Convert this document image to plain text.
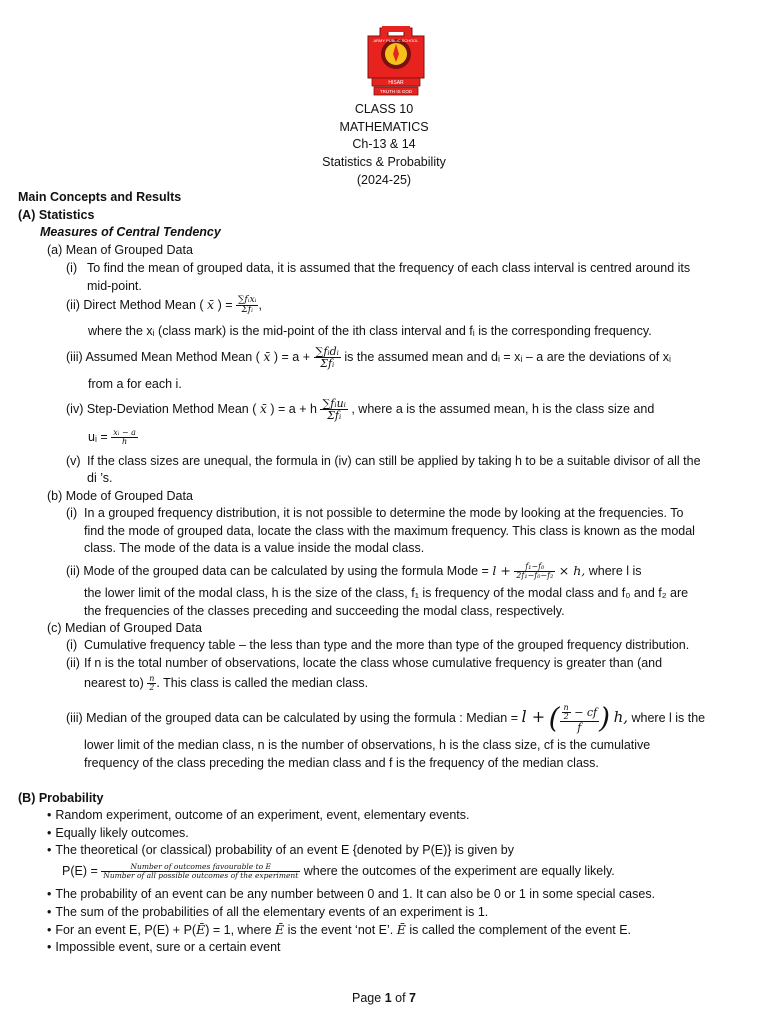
ARMY PUBLIC SCHOOL
HISAR
TRUTH IS GOD
CLASS 10
MATHEMATICS
Ch-13 & 14
Statistics & Probability
(2024-25)
Main Concepts and Results
(A) Statistics
Measures of Central Tendency
(a) Mean of Grouped Data
(i) To find the mean of grouped data, it is assumed that the frequency of each class interval is centred around its
mid-point.
(ii) Direct Method Mean ( x̄ ) = $\frac{\text{∑fᵢxᵢ}}{\text{Σfᵢ}}$ ,
where the xᵢ (class mark) is the mid-point of the ith class interval and fᵢ is the corresponding frequency.
(iii) Assumed Mean Method Mean ( x̄ ) = $a + \frac{\text{∑fᵢdᵢ}}{\text{Σfᵢ}}$ is the assumed mean and dᵢ = xᵢ – a are the deviations of xᵢ
from a for each i.
(iv) Step-Deviation Method Mean ( x̄ ) = a + h $\frac{\text{∑fᵢuᵢ}}{\text{Σfᵢ}}$ , where a is the assumed mean, h is the class size and
uᵢ = $\frac{\text{xᵢ − a}}{h}$
(v) If the class sizes are unequal, the formula in (iv) can still be applied by taking h to be a suitable divisor of all the
di ’s.
(b) Mode of Grouped Data
(i) In a grouped frequency distribution, it is not possible to determine the mode by looking at the frequencies. To
find the mode of grouped data, locate the class with the maximum frequency. This class is known as the modal
class. The mode of the data is a value inside the modal class.
(ii) Mode of the grouped data can be calculated by using the formula Mode = $l + \frac{\text{f₁−f₀}}{\text{2f₁−f₀−f₂}} \times h$, where l is
the lower limit of the modal class, h is the size of the class, f₁ is frequency of the modal class and f₀ and f₂ are
the frequencies of the classes preceding and succeeding the modal class, respectively.
(c) Median of Grouped Data
(i) Cumulative frequency table – the less than type and the more than type of the grouped frequency distribution.
(ii) If n is the total number of observations, locate the class whose cumulative frequency is greater than (and
nearest $to) \frac{n}{2}$ . This class is called the median class.
(iii) Median of the grouped data can be calculated by using the formula : Median = l + ( $\frac{\frac{n}{2} - cf}{f}$ ) h, where l is the
lower limit of the median class, n is the number of observations, h is the class size, cf is the cumulative
frequency of the class preceding the median class and f is the frequency of the median class.
(B) Probability
• Random experiment, outcome of an experiment, event, elementary events.
• Equally likely outcomes.
• The theoretical (or classical) probability of an event E {denoted by P(E)} is given by
$P(E) = \frac{\text{Number of outcomes favourable to E}}{\text{Number of all possible outcomes of the experiment}}$ where the outcomes of the experiment are equally likely.
• The probability of an event can be any number between 0 and 1. It can also be 0 or 1 in some special cases.
• The sum of the probabilities of all the elementary events of an experiment is 1.
• For an event E, P(E) + P(Ē) = 1, where Ē is the event ‘not E’. Ē is called the complement of the event E.
• Impossible event, sure or a certain event
Page 1 of 7
